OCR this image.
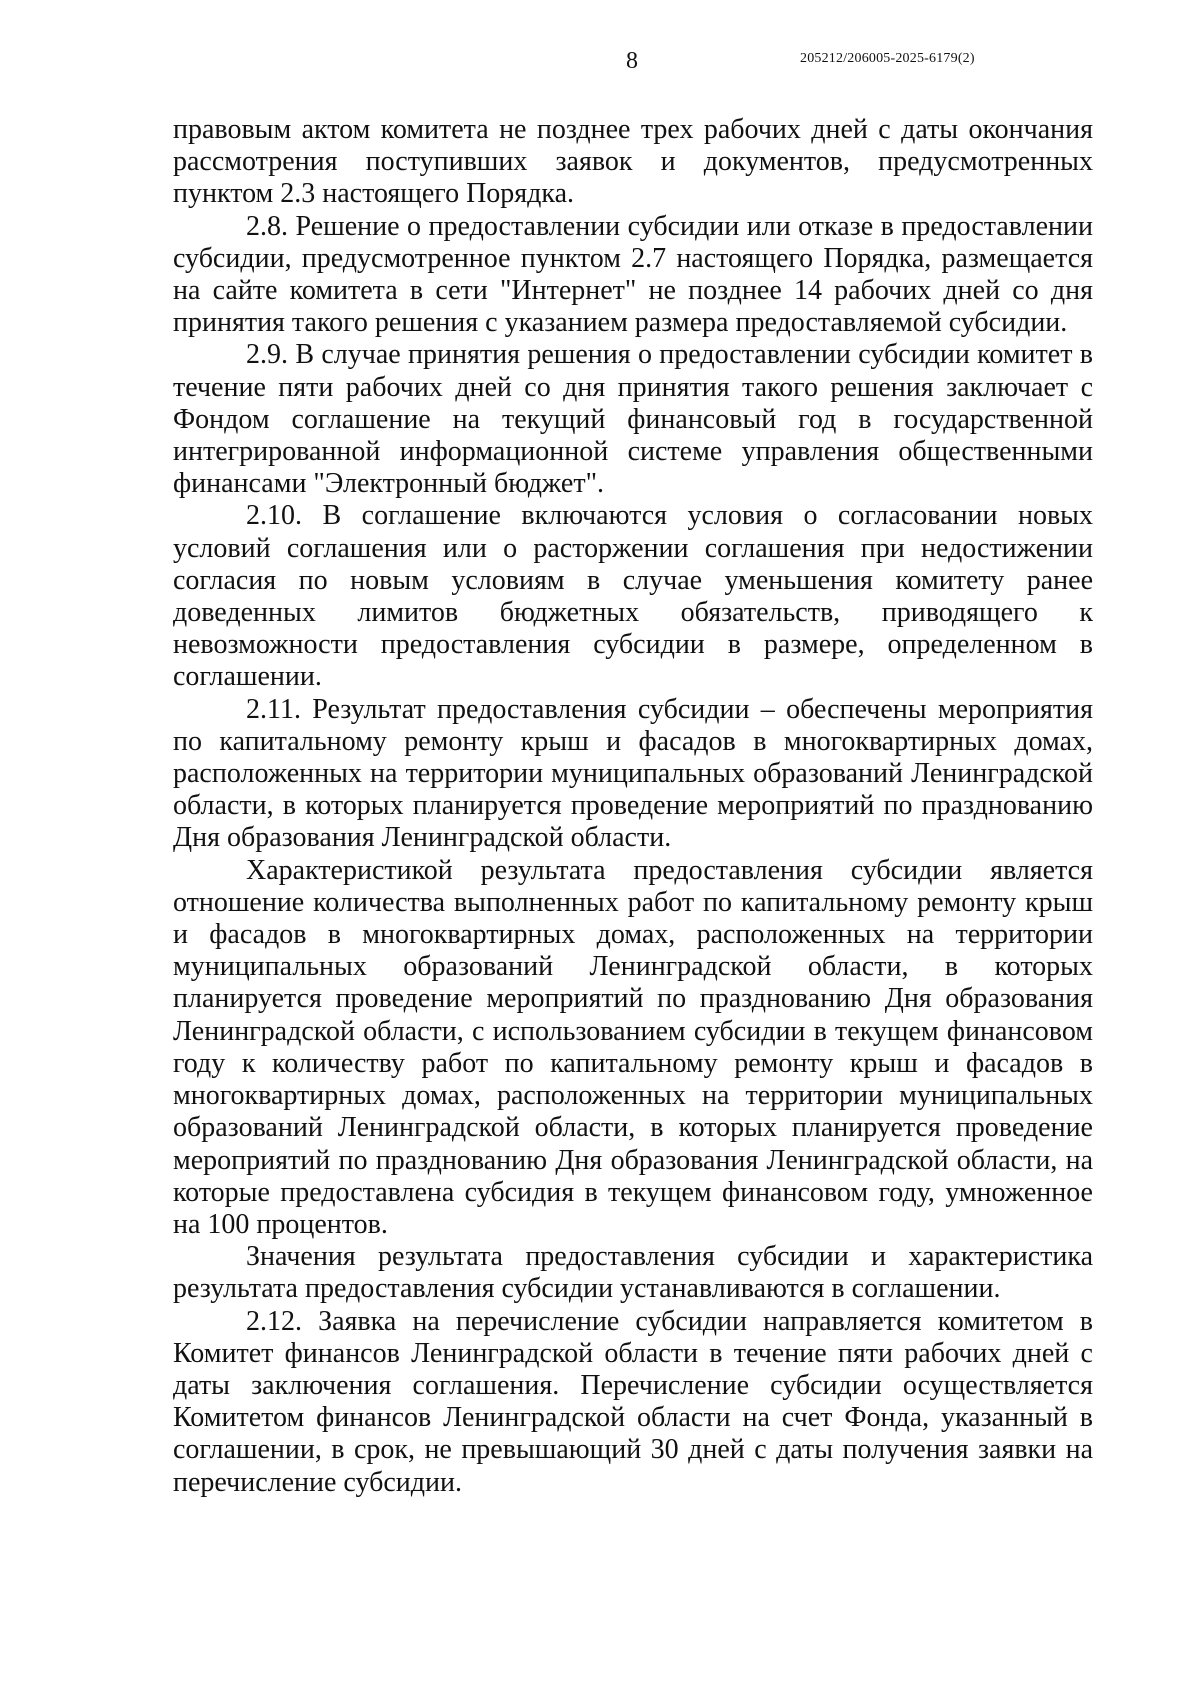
8	205212/206005-2025-6179(2)

правовым актом комитета не позднее трех рабочих дней с даты окончания рассмотрения поступивших заявок и документов, предусмотренных пунктом 2.3 настоящего Порядка.

2.8. Решение о предоставлении субсидии или отказе в предоставлении субсидии, предусмотренное пунктом 2.7 настоящего Порядка, размещается на сайте комитета в сети "Интернет" не позднее 14 рабочих дней со дня принятия такого решения с указанием размера предоставляемой субсидии.

2.9. В случае принятия решения о предоставлении субсидии комитет в течение пяти рабочих дней со дня принятия такого решения заключает с Фондом соглашение на текущий финансовый год в государственной интегрированной информационной системе управления общественными финансами "Электронный бюджет".

2.10. В соглашение включаются условия о согласовании новых условий соглашения или о расторжении соглашения при недостижении согласия по новым условиям в случае уменьшения комитету ранее доведенных лимитов бюджетных обязательств, приводящего к невозможности предоставления субсидии в размере, определенном в соглашении.

2.11. Результат предоставления субсидии – обеспечены мероприятия по капитальному ремонту крыш и фасадов в многоквартирных домах, расположенных на территории муниципальных образований Ленинградской области, в которых планируется проведение мероприятий по празднованию Дня образования Ленинградской области.

Характеристикой результата предоставления субсидии является отношение количества выполненных работ по капитальному ремонту крыш и фасадов в многоквартирных домах, расположенных на территории муниципальных образований Ленинградской области, в которых планируется проведение мероприятий по празднованию Дня образования Ленинградской области, с использованием субсидии в текущем финансовом году к количеству работ по капитальному ремонту крыш и фасадов в многоквартирных домах, расположенных на территории муниципальных образований Ленинградской области, в которых планируется проведение мероприятий по празднованию Дня образования Ленинградской области, на которые предоставлена субсидия в текущем финансовом году, умноженное на 100 процентов.

Значения результата предоставления субсидии и характеристика результата предоставления субсидии устанавливаются в соглашении.

2.12. Заявка на перечисление субсидии направляется комитетом в Комитет финансов Ленинградской области в течение пяти рабочих дней с даты заключения соглашения. Перечисление субсидии осуществляется Комитетом финансов Ленинградской области на счет Фонда, указанный в соглашении, в срок, не превышающий 30 дней с даты получения заявки на перечисление субсидии.
